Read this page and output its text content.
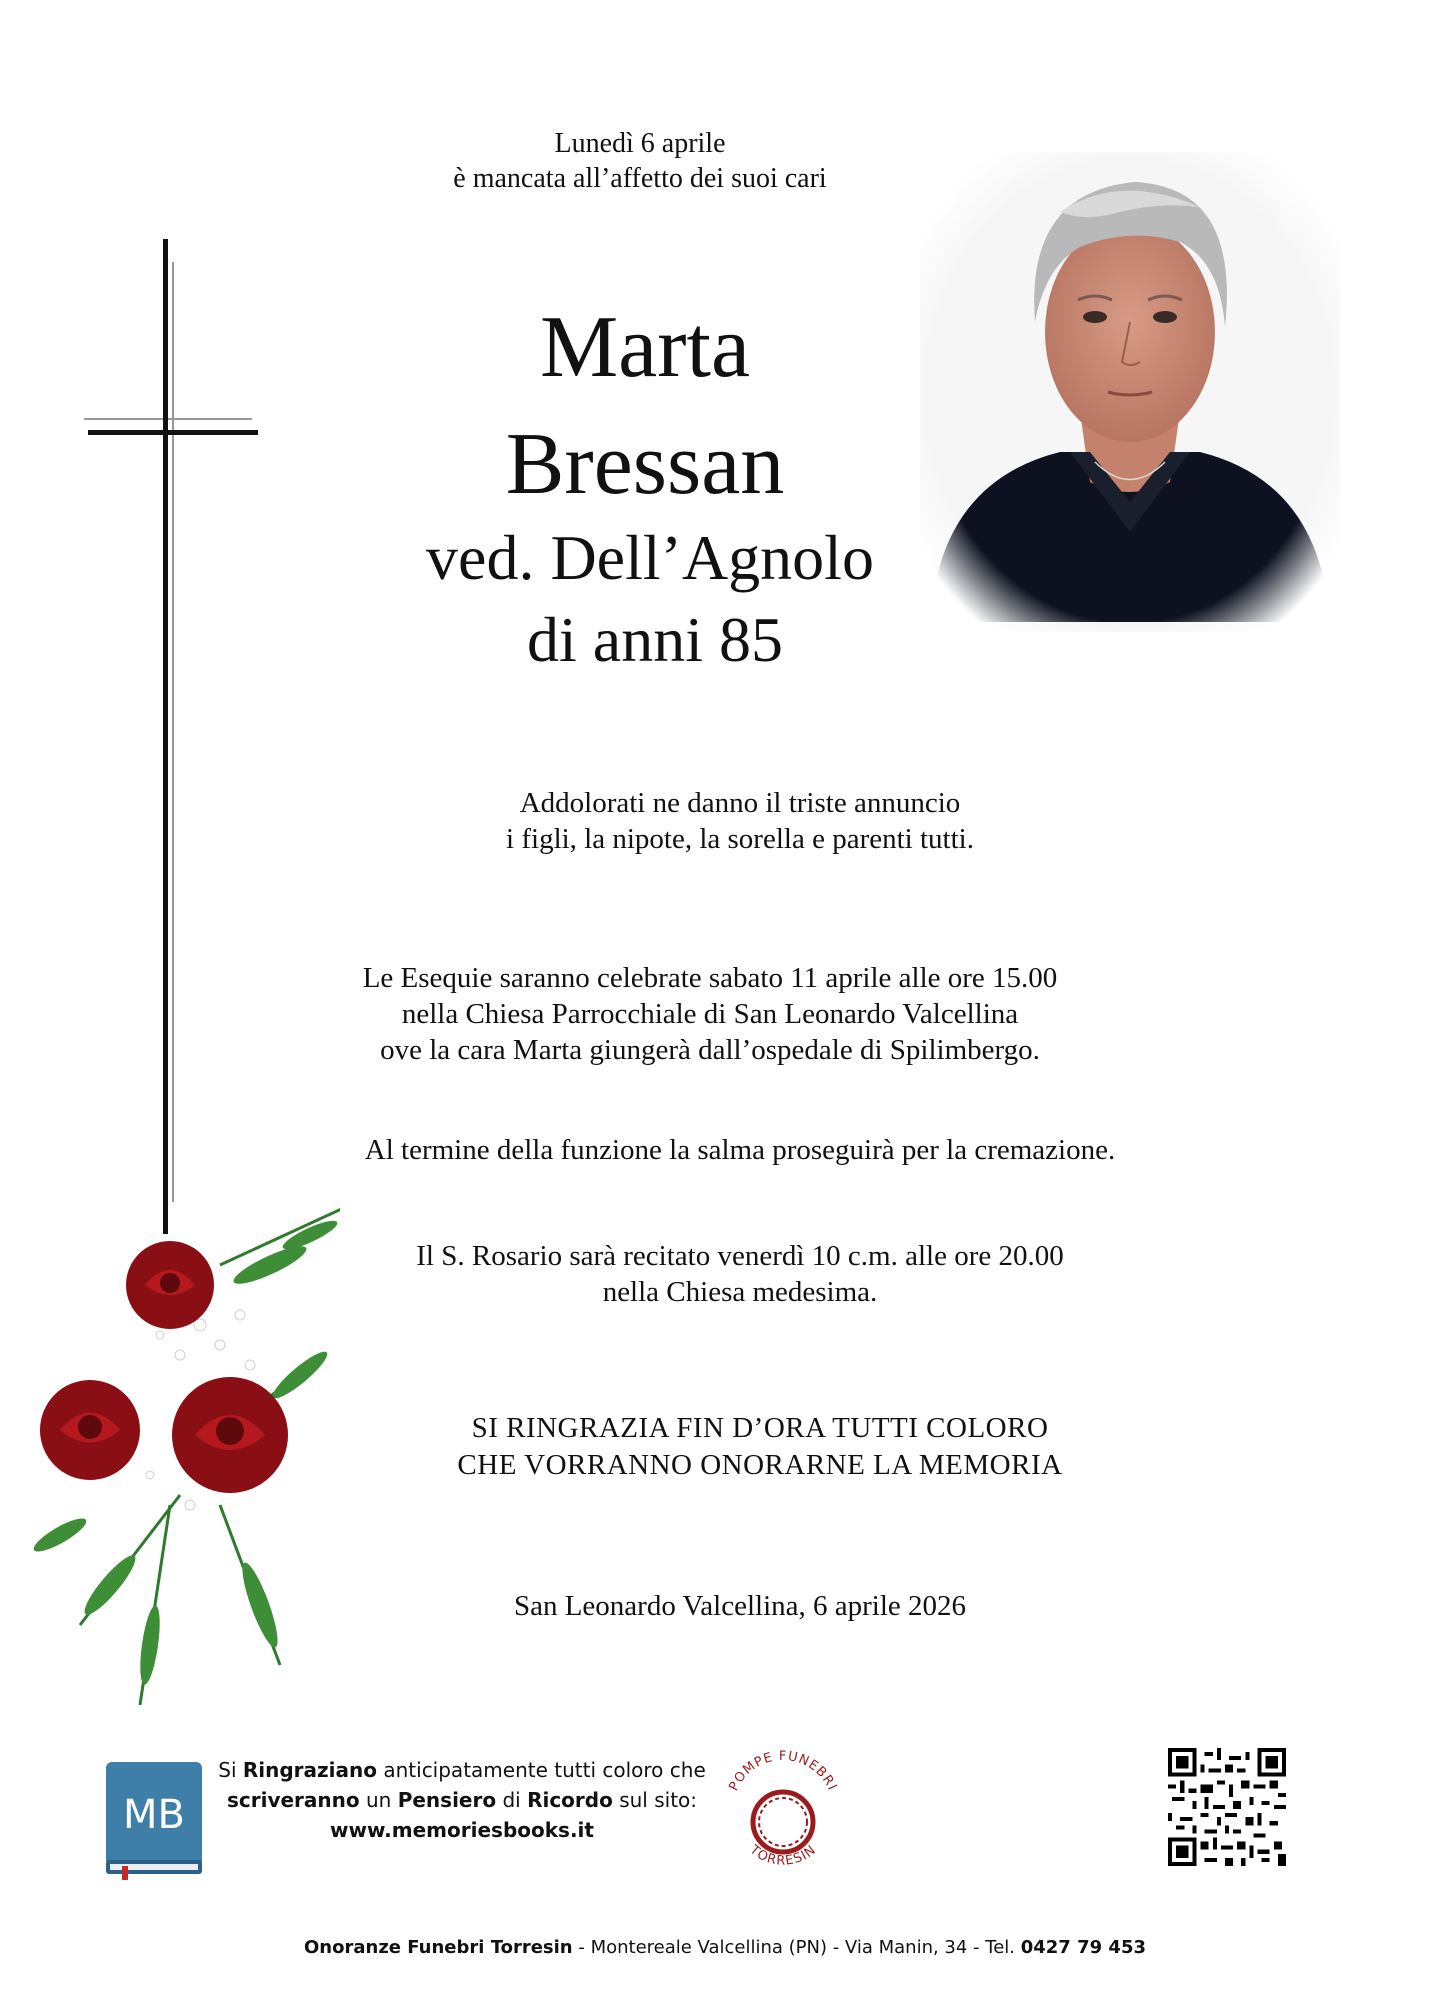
Lunedì 6 aprile
è mancata all’affetto dei suoi cari
Marta
Bressan
ved. Dell’Agnolo
di anni 85
Addolorati ne danno il triste annuncio
i figli, la nipote, la sorella e parenti tutti.
Le Esequie saranno celebrate sabato 11 aprile alle ore 15.00
nella Chiesa Parrocchiale di San Leonardo Valcellina
ove la cara Marta giungerà dall’ospedale di Spilimbergo.
Al termine della funzione la salma proseguirà per la cremazione.
Il S. Rosario sarà recitato venerdì 10 c.m. alle ore 20.00
nella Chiesa medesima.
SI RINGRAZIA FIN D’ORA TUTTI COLORO
CHE VORRANNO ONORARNE LA MEMORIA
San Leonardo Valcellina, 6 aprile 2026
MB
Si Ringraziano anticipatamente tutti coloro che
scriveranno un Pensiero di Ricordo sul sito:
www.memoriesbooks.it
POMPE FUNEBRI
TORRESIN
Onoranze Funebri Torresin - Montereale Valcellina (PN) - Via Manin, 34 - Tel. 0427 79 453
